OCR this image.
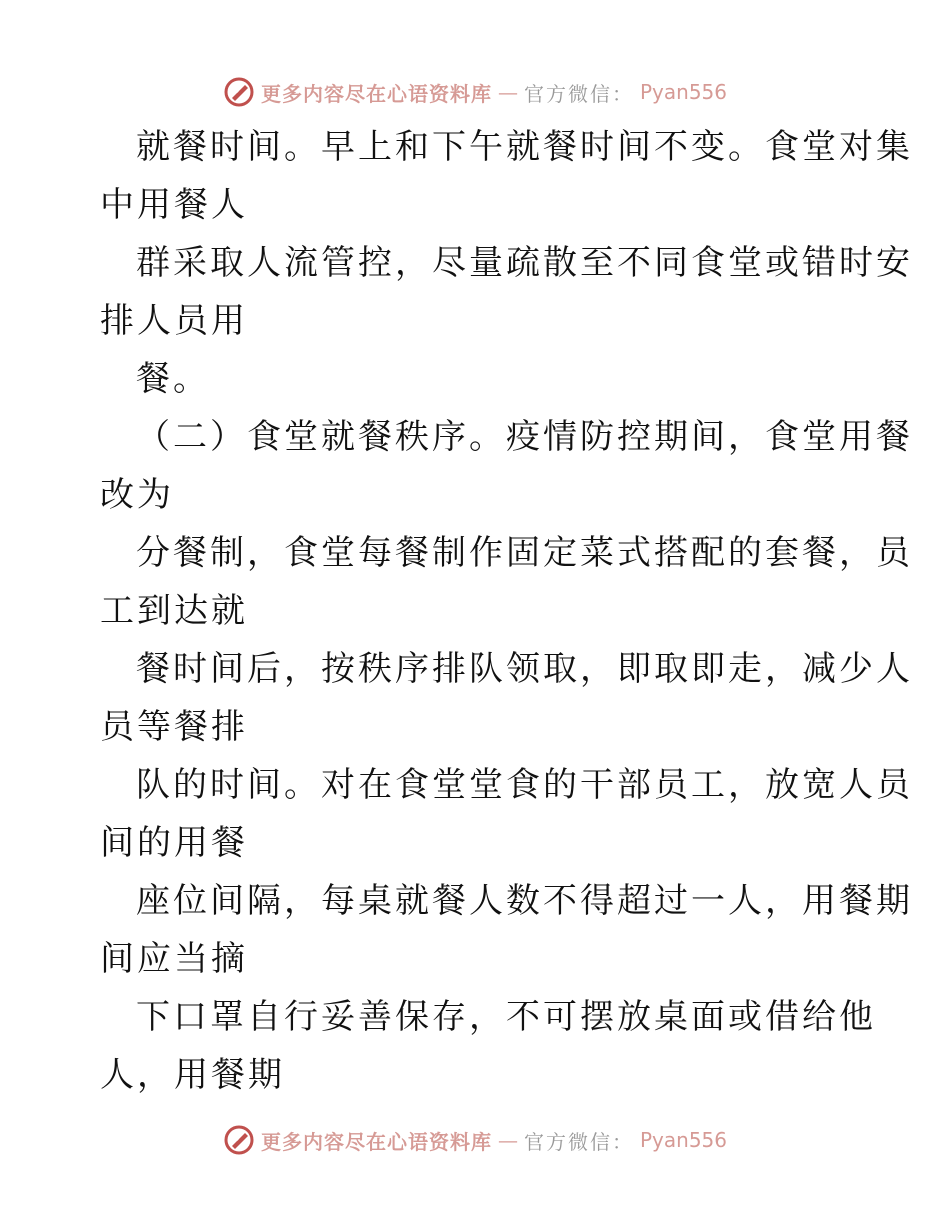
更多内容尽在心语资料库 — 官方微信： Pyan556
就餐时间。早上和下午就餐时间不变。食堂对集
中用餐人
群采取人流管控，尽量疏散至不同食堂或错时安
排人员用
餐。
（二）食堂就餐秩序。疫情防控期间，食堂用餐
改为
分餐制，食堂每餐制作固定菜式搭配的套餐，员
工到达就
餐时间后，按秩序排队领取，即取即走，减少人
员等餐排
队的时间。对在食堂堂食的干部员工，放宽人员
间的用餐
座位间隔，每桌就餐人数不得超过一人，用餐期
间应当摘
下口罩自行妥善保存，不可摆放桌面或借给他
人，用餐期
更多内容尽在心语资料库 — 官方微信： Pyan556
